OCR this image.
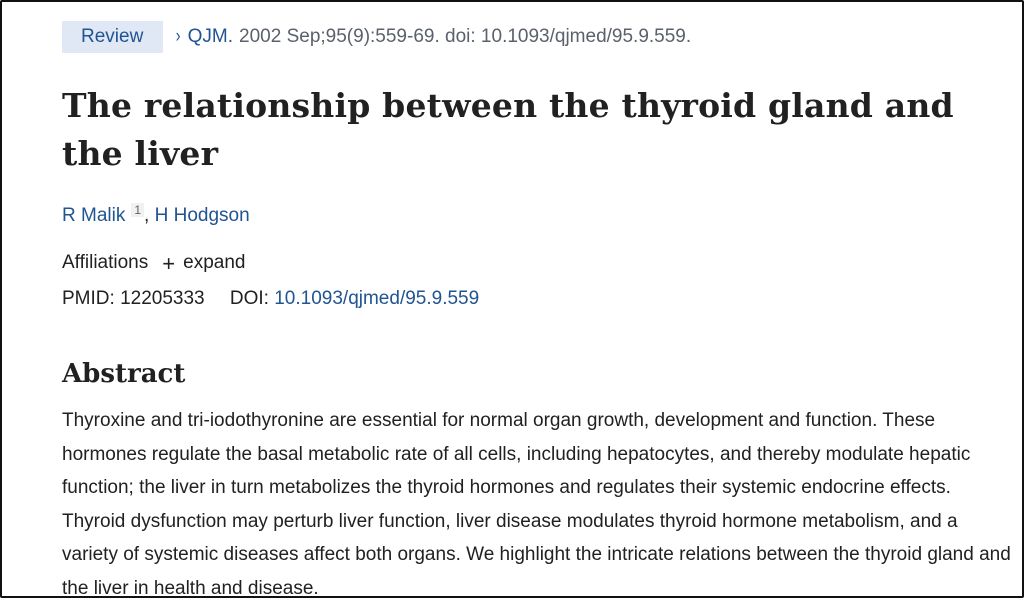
Review	› QJM. 2002 Sep;95(9):559-69. doi: 10.1093/qjmed/95.9.559.
The relationship between the thyroid gland and the liver
R Malik 1 , H Hodgson
Affiliations + expand
PMID: 12205333 DOI: 10.1093/qjmed/95.9.559
Abstract

Thyroxine and tri-iodothyronine are essential for normal organ growth, development and function. These hormones regulate the basal metabolic rate of all cells, including hepatocytes, and thereby modulate hepatic function; the liver in turn metabolizes the thyroid hormones and regulates their systemic endocrine effects. Thyroid dysfunction may perturb liver function, liver disease modulates thyroid hormone metabolism, and a variety of systemic diseases affect both organs. We highlight the intricate relations between the thyroid gland and the liver in health and disease.
